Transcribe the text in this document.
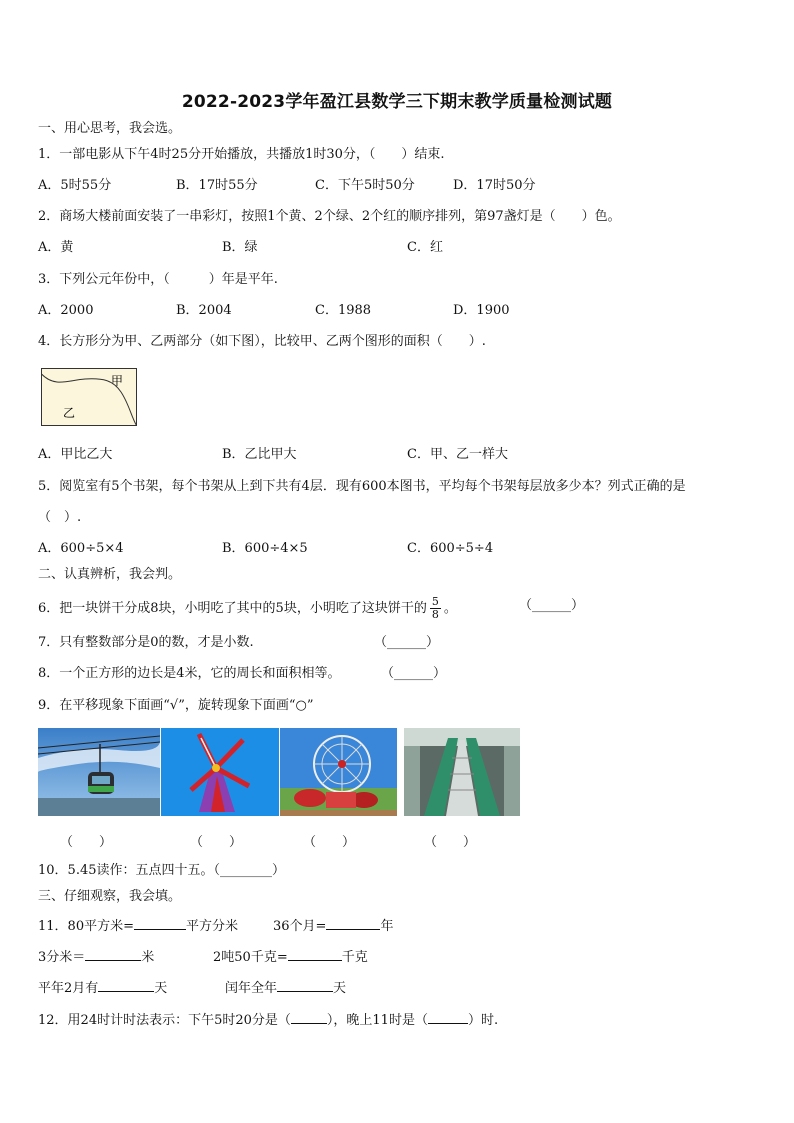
2022-2023学年盈江县数学三下期末教学质量检测试题
一、用心思考，我会选。
1．一部电影从下午4时25分开始播放，共播放1时30分，（　　）结束.
A．5时55分	B．17时55分	C．下午5时50分	D．17时50分
2．商场大楼前面安装了一串彩灯，按照1个黄、2个绿、2个红的顺序排列，第97盏灯是（　　）色。
A．黄	B．绿	C．红
3．下列公元年份中，（　　　）年是平年.
A．2000	B．2004	C．1988	D．1900
4．长方形分为甲、乙两部分（如下图），比较甲、乙两个图形的面积（　　）.
甲
乙
A．甲比乙大	B．乙比甲大	C．甲、乙一样大
5．阅览室有5个书架，每个书架从上到下共有4层．现有600本图书，平均每个书架每层放多少本？列式正确的是
（　）.
A．600÷5×4	B．600÷4×5	C．600÷5÷4
二、认真辨析，我会判。
6．把一块饼干分成8块，小明吃了其中的5块，小明吃了这块饼干的 $\frac{5}{8}$ 。	（______）
7．只有整数部分是0的数，才是小数.	（______）
8．一个正方形的边长是4米，它的周长和面积相等。	（______）
9．在平移现象下面画“√”，旋转现象下面画“○”
（　　）	（　　）	（　　）	（　　）
10．5.45读作：五点四十五。（________）
三、仔细观察，我会填。
11．80平方米=	平方分米	36个月=	年
3分米＝	米	2吨50千克=	千克
平年2月有	天	闰年全年	天
12．用24时计时法表示：下午5时20分是（	），晚上11时是（	）时.
